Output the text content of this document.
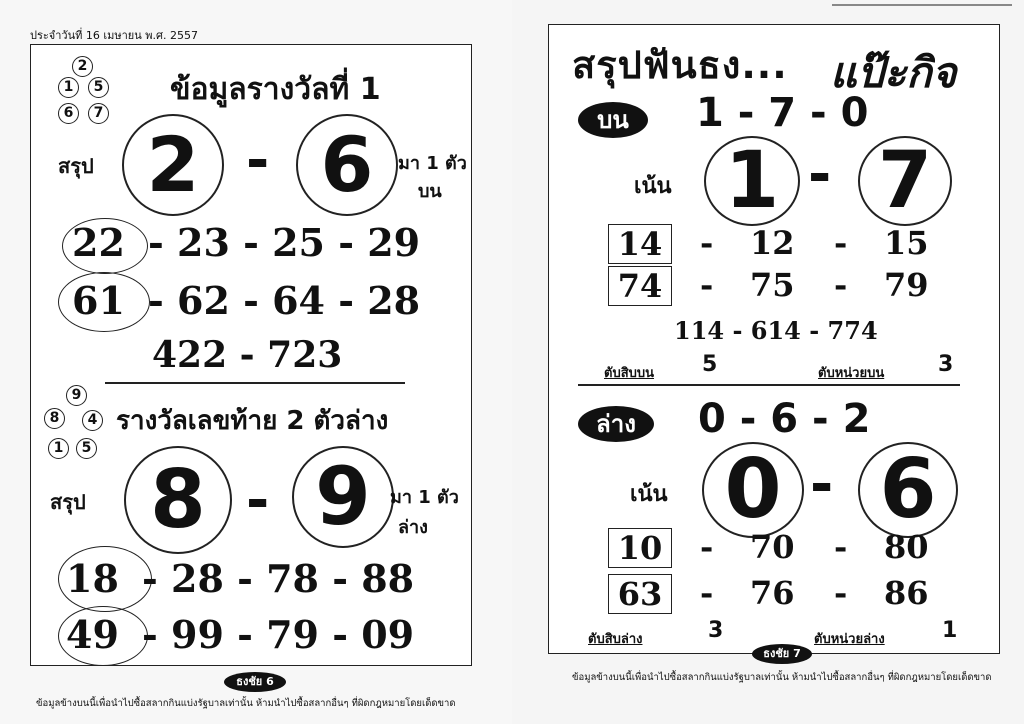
ประจำวันที่ 16 เมษายน พ.ศ. 2557
2
1	5
6	7
ข้อมูลรางวัลที่ 1
สรุป 2 - 6	มา 1 ตัว
บน
22 - 23 - 25 - 29
61 - 62 - 64 - 28
422 - 723
9
8	4
1	5
รางวัลเลขท้าย 2 ตัวล่าง
สรุป 8 - 9	มา 1 ตัว
ล่าง
18 - 28 - 78 - 88
49 - 99 - 79 - 09
ธงชัย 6
ข้อมูลข้างบนนี้เพื่อนำไปซื้อสลากกินแบ่งรัฐบาลเท่านั้น ห้ามนำไปซื้อสลากอื่นๆ ที่ผิดกฎหมายโดยเด็ดขาด
สรุปฟันธง... แป๊ะกิจ
บน	1 - 7 - 0
เน้น 1 - 7
14	- 12 - 15
74	- 75 - 79
114 - 614 - 774
ตับสิบบน 5	ตับหน่วยบน 3
ล่าง	0 - 6 - 2
เน้น 0 - 6
10	- 70 - 80
63	- 76 - 86
ตับสิบล่าง	3	ตับหน่วยล่าง	1
ธงชัย 7
ข้อมูลข้างบนนี้เพื่อนำไปซื้อสลากกินแบ่งรัฐบาลเท่านั้น ห้ามนำไปซื้อสลากอื่นๆ ที่ผิดกฎหมายโดยเด็ดขาด
